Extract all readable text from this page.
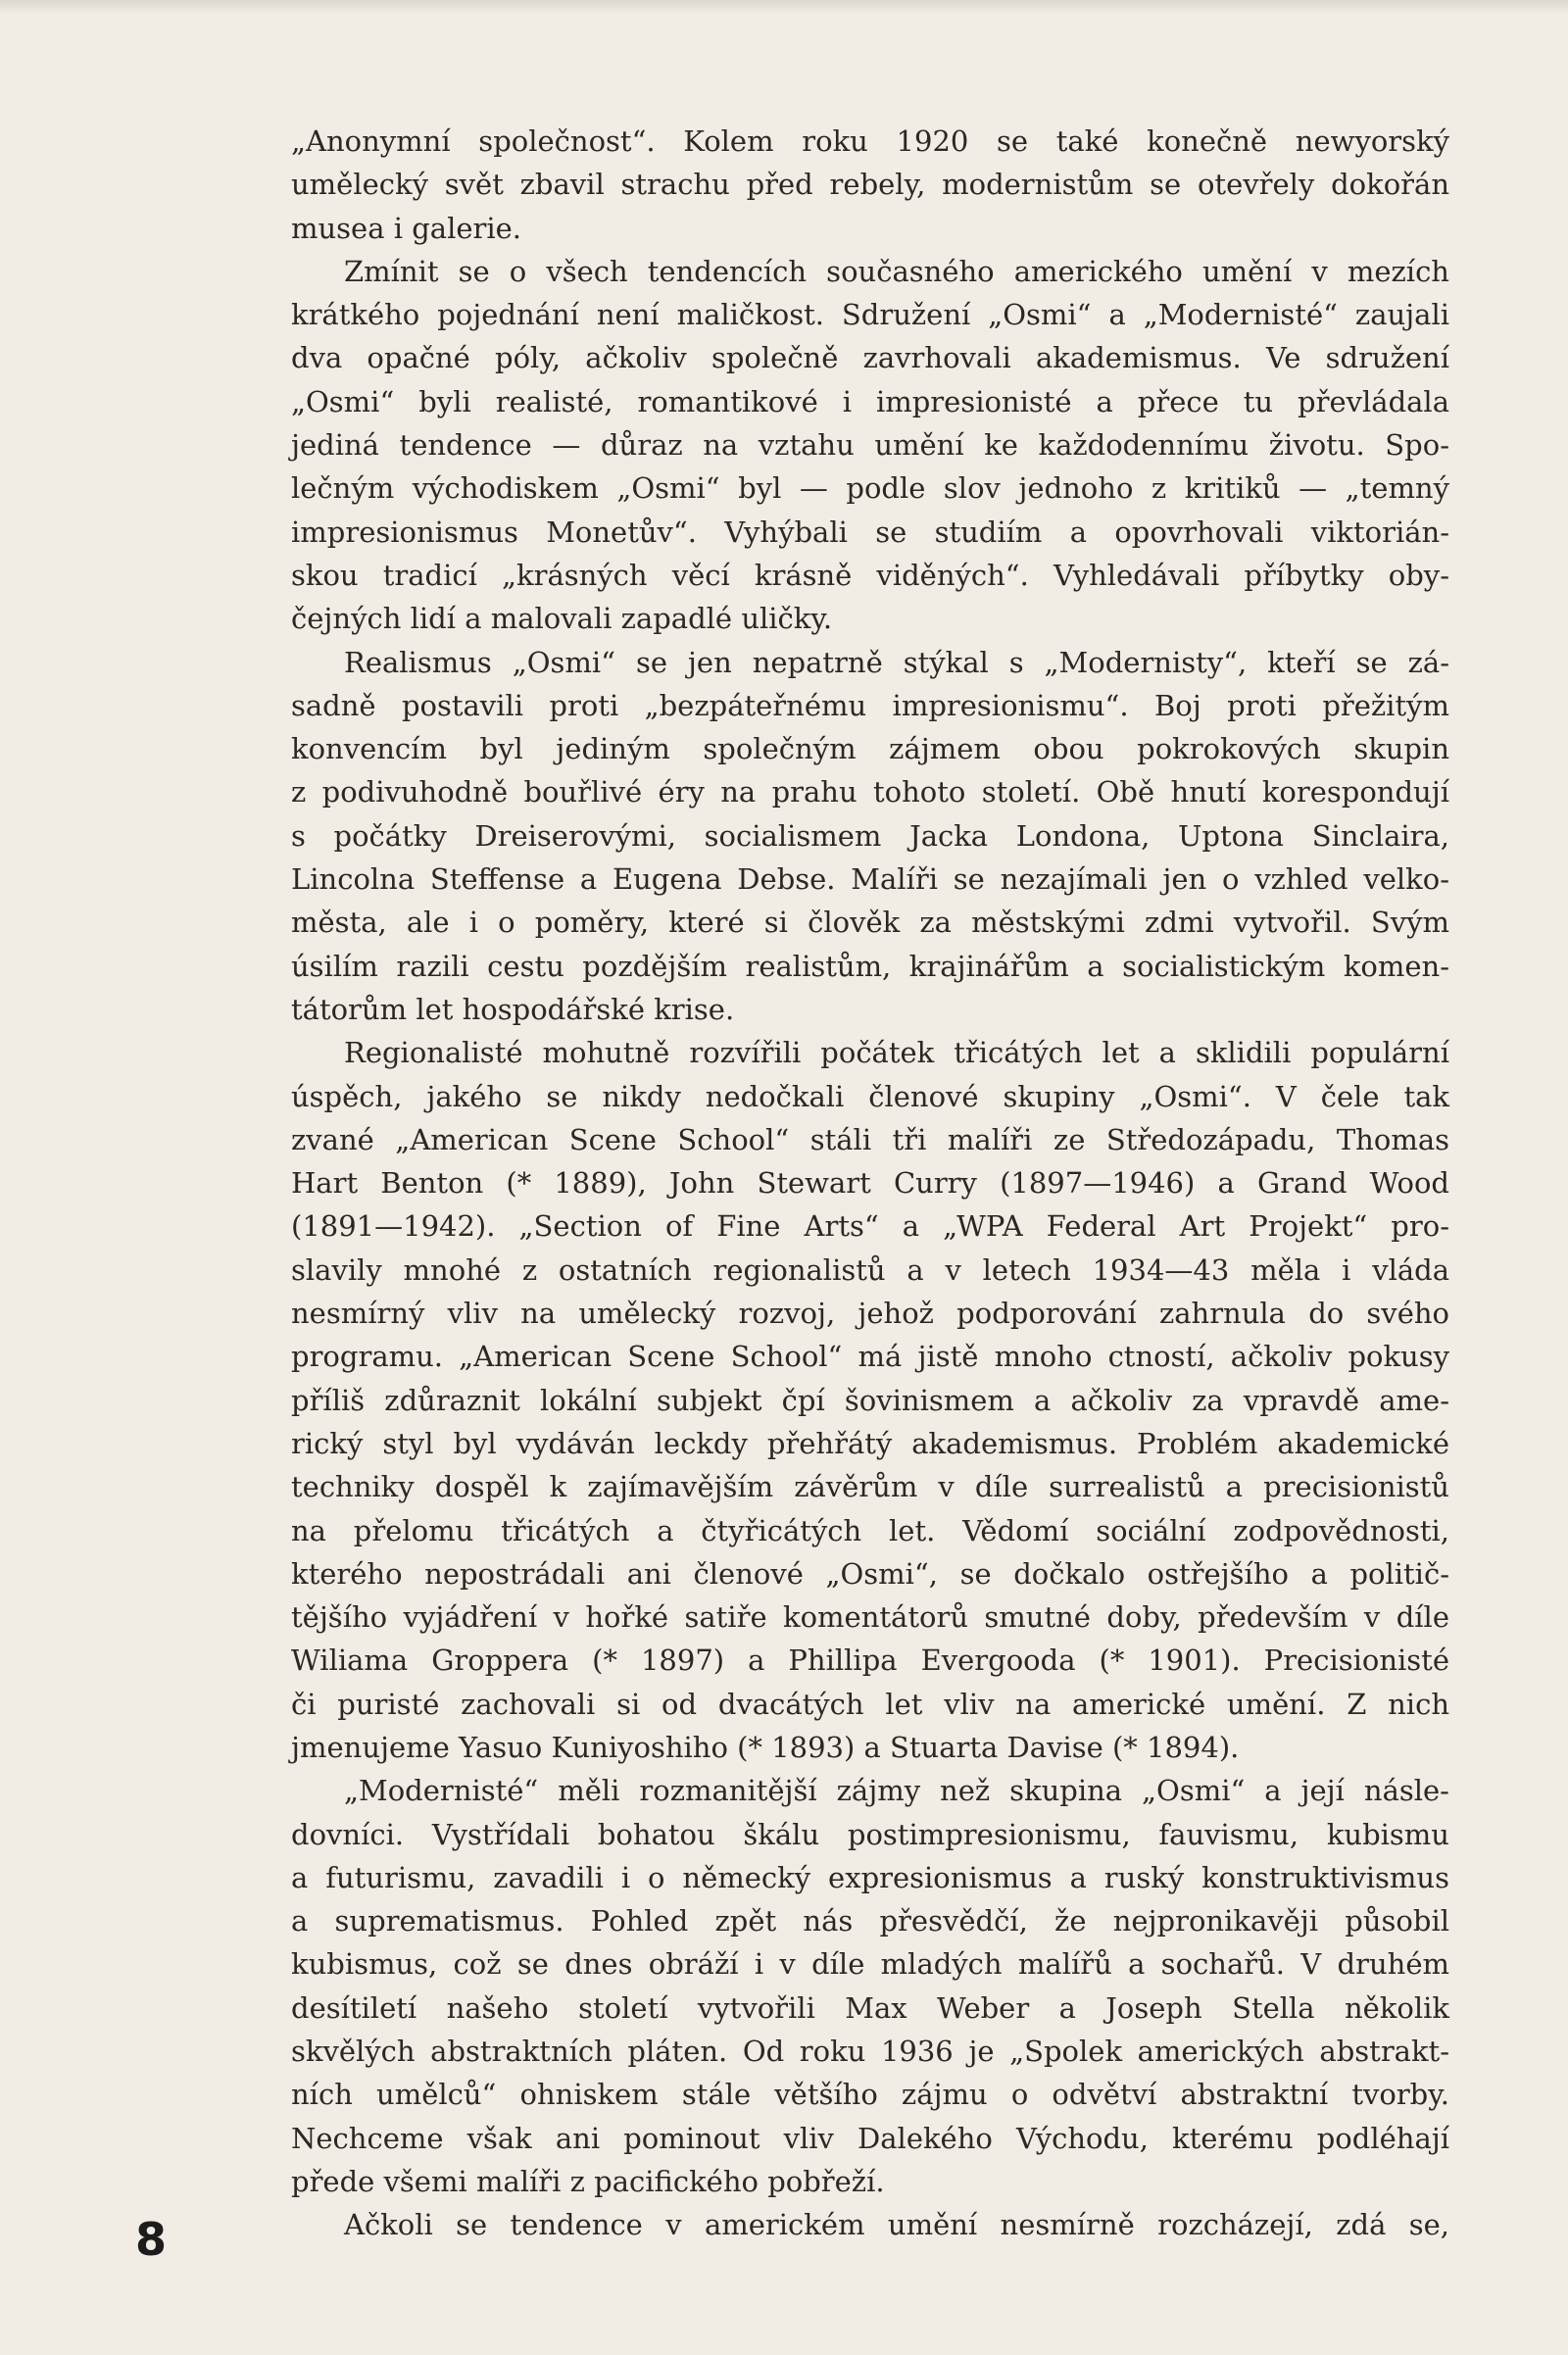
„Anonymní společnost“. Kolem roku 1920 se také konečně newyorský

umělecký svět zbavil strachu před rebely, modernistům se otevřely dokořán

musea i galerie.

Zmínit se o všech tendencích současného amerického umění v mezích

krátkého pojednání není maličkost. Sdružení „Osmi“ a „Modernisté“ zaujali

dva opačné póly, ačkoliv společně zavrhovali akademismus. Ve sdružení

„Osmi“ byli realisté, romantikové i impresionisté a přece tu převládala

jediná tendence — důraz na vztahu umění ke každodennímu životu. Spo-

lečným východiskem „Osmi“ byl — podle slov jednoho z kritiků — „temný

impresionismus Monetův“. Vyhýbali se studiím a opovrhovali viktorián-

skou tradicí „krásných věcí krásně viděných“. Vyhledávali příbytky oby-

čejných lidí a malovali zapadlé uličky.

Realismus „Osmi“ se jen nepatrně stýkal s „Modernisty“, kteří se zá-

sadně postavili proti „bezpáteřnému impresionismu“. Boj proti přežitým

konvencím byl jediným společným zájmem obou pokrokových skupin

z podivuhodně bouřlivé éry na prahu tohoto století. Obě hnutí korespondují

s počátky Dreiserovými, socialismem Jacka Londona, Uptona Sinclaira,

Lincolna Steffense a Eugena Debse. Malíři se nezajímali jen o vzhled velko-

města, ale i o poměry, které si člověk za městskými zdmi vytvořil. Svým

úsilím razili cestu pozdějším realistům, krajinářům a socialistickým komen-

tátorům let hospodářské krise.

Regionalisté mohutně rozvířili počátek třicátých let a sklidili populární

úspěch, jakého se nikdy nedočkali členové skupiny „Osmi“. V čele tak

zvané „American Scene School“ stáli tři malíři ze Středozápadu, Thomas

Hart Benton (* 1889), John Stewart Curry (1897—1946) a Grand Wood

(1891—1942). „Section of Fine Arts“ a „WPA Federal Art Projekt“ pro-

slavily mnohé z ostatních regionalistů a v letech 1934—43 měla i vláda

nesmírný vliv na umělecký rozvoj, jehož podporování zahrnula do svého

programu. „American Scene School“ má jistě mnoho ctností, ačkoliv pokusy

příliš zdůraznit lokální subjekt čpí šovinismem a ačkoliv za vpravdě ame-

rický styl byl vydáván leckdy přehřátý akademismus. Problém akademické

techniky dospěl k zajímavějším závěrům v díle surrealistů a precisionistů

na přelomu třicátých a čtyřicátých let. Vědomí sociální zodpovědnosti,

kterého nepostrádali ani členové „Osmi“, se dočkalo ostřejšího a politič-

tějšího vyjádření v hořké satiře komentátorů smutné doby, především v díle

Wiliama Groppera (* 1897) a Phillipa Evergooda (* 1901). Precisionisté

či puristé zachovali si od dvacátých let vliv na americké umění. Z nich

jmenujeme Yasuo Kuniyoshiho (* 1893) a Stuarta Davise (* 1894).

„Modernisté“ měli rozmanitější zájmy než skupina „Osmi“ a její násle-

dovníci. Vystřídali bohatou škálu postimpresionismu, fauvismu, kubismu

a futurismu, zavadili i o německý expresionismus a ruský konstruktivismus

a suprematismus. Pohled zpět nás přesvědčí, že nejpronikavěji působil

kubismus, což se dnes obráží i v díle mladých malířů a sochařů. V druhém

desítiletí našeho století vytvořili Max Weber a Joseph Stella několik

skvělých abstraktních pláten. Od roku 1936 je „Spolek amerických abstrakt-

ních umělců“ ohniskem stále většího zájmu o odvětví abstraktní tvorby.

Nechceme však ani pominout vliv Dalekého Východu, kterému podléhají

přede všemi malíři z pacifického pobřeží.

Ačkoli se tendence v americkém umění nesmírně rozcházejí, zdá se,

8
